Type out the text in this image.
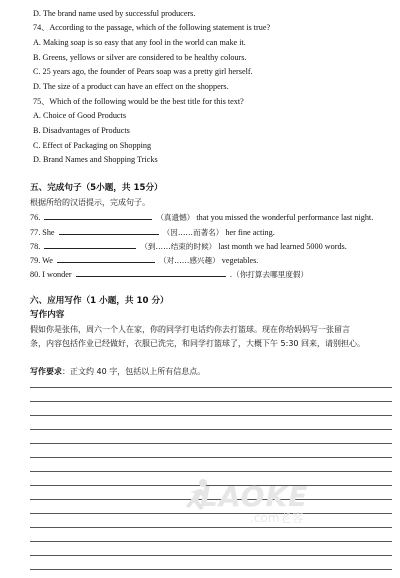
D. The brand name used by successful producers.
74、According to the passage, which of the following statement is true?
A. Making soap is so easy that any fool in the world can make it.
B. Greens, yellows or silver are considered to be healthy colours.
C. 25 years ago, the founder of Pears soap was a pretty girl herself.
D. The size of a product can have an effect on the shoppers.
75、Which of the following would be the best title for this text?
A. Choice of Good Products
B. Disadvantages of Products
C. Effect of Packaging on Shopping
D. Brand Names and Shopping Tricks
五、完成句子（5小题，共 15分）
根据所给的汉语提示，完成句子。
76.	（真遗憾） that you missed the wonderful performance last night.
77. She	（因……而著名） her fine acting.
78.	（到……结束的时候） last month we had learned 5000 words.
79. We	（对……感兴趣） vegetables.
80. I wonder	.（你打算去哪里度假）
六、应用写作（1 小题，共 10 分）
写作内容
假如你是张伟，周六一个人在家，你的同学打电话约你去打篮球。现在你给妈妈写一张留言
条，内容包括作业已经做好，衣服已洗完，和同学打篮球了，大概下午 5:30 回来，请别担心。
写作要求：正文约 40 字，包括以上所有信息点。
LAOKE
.com老客
